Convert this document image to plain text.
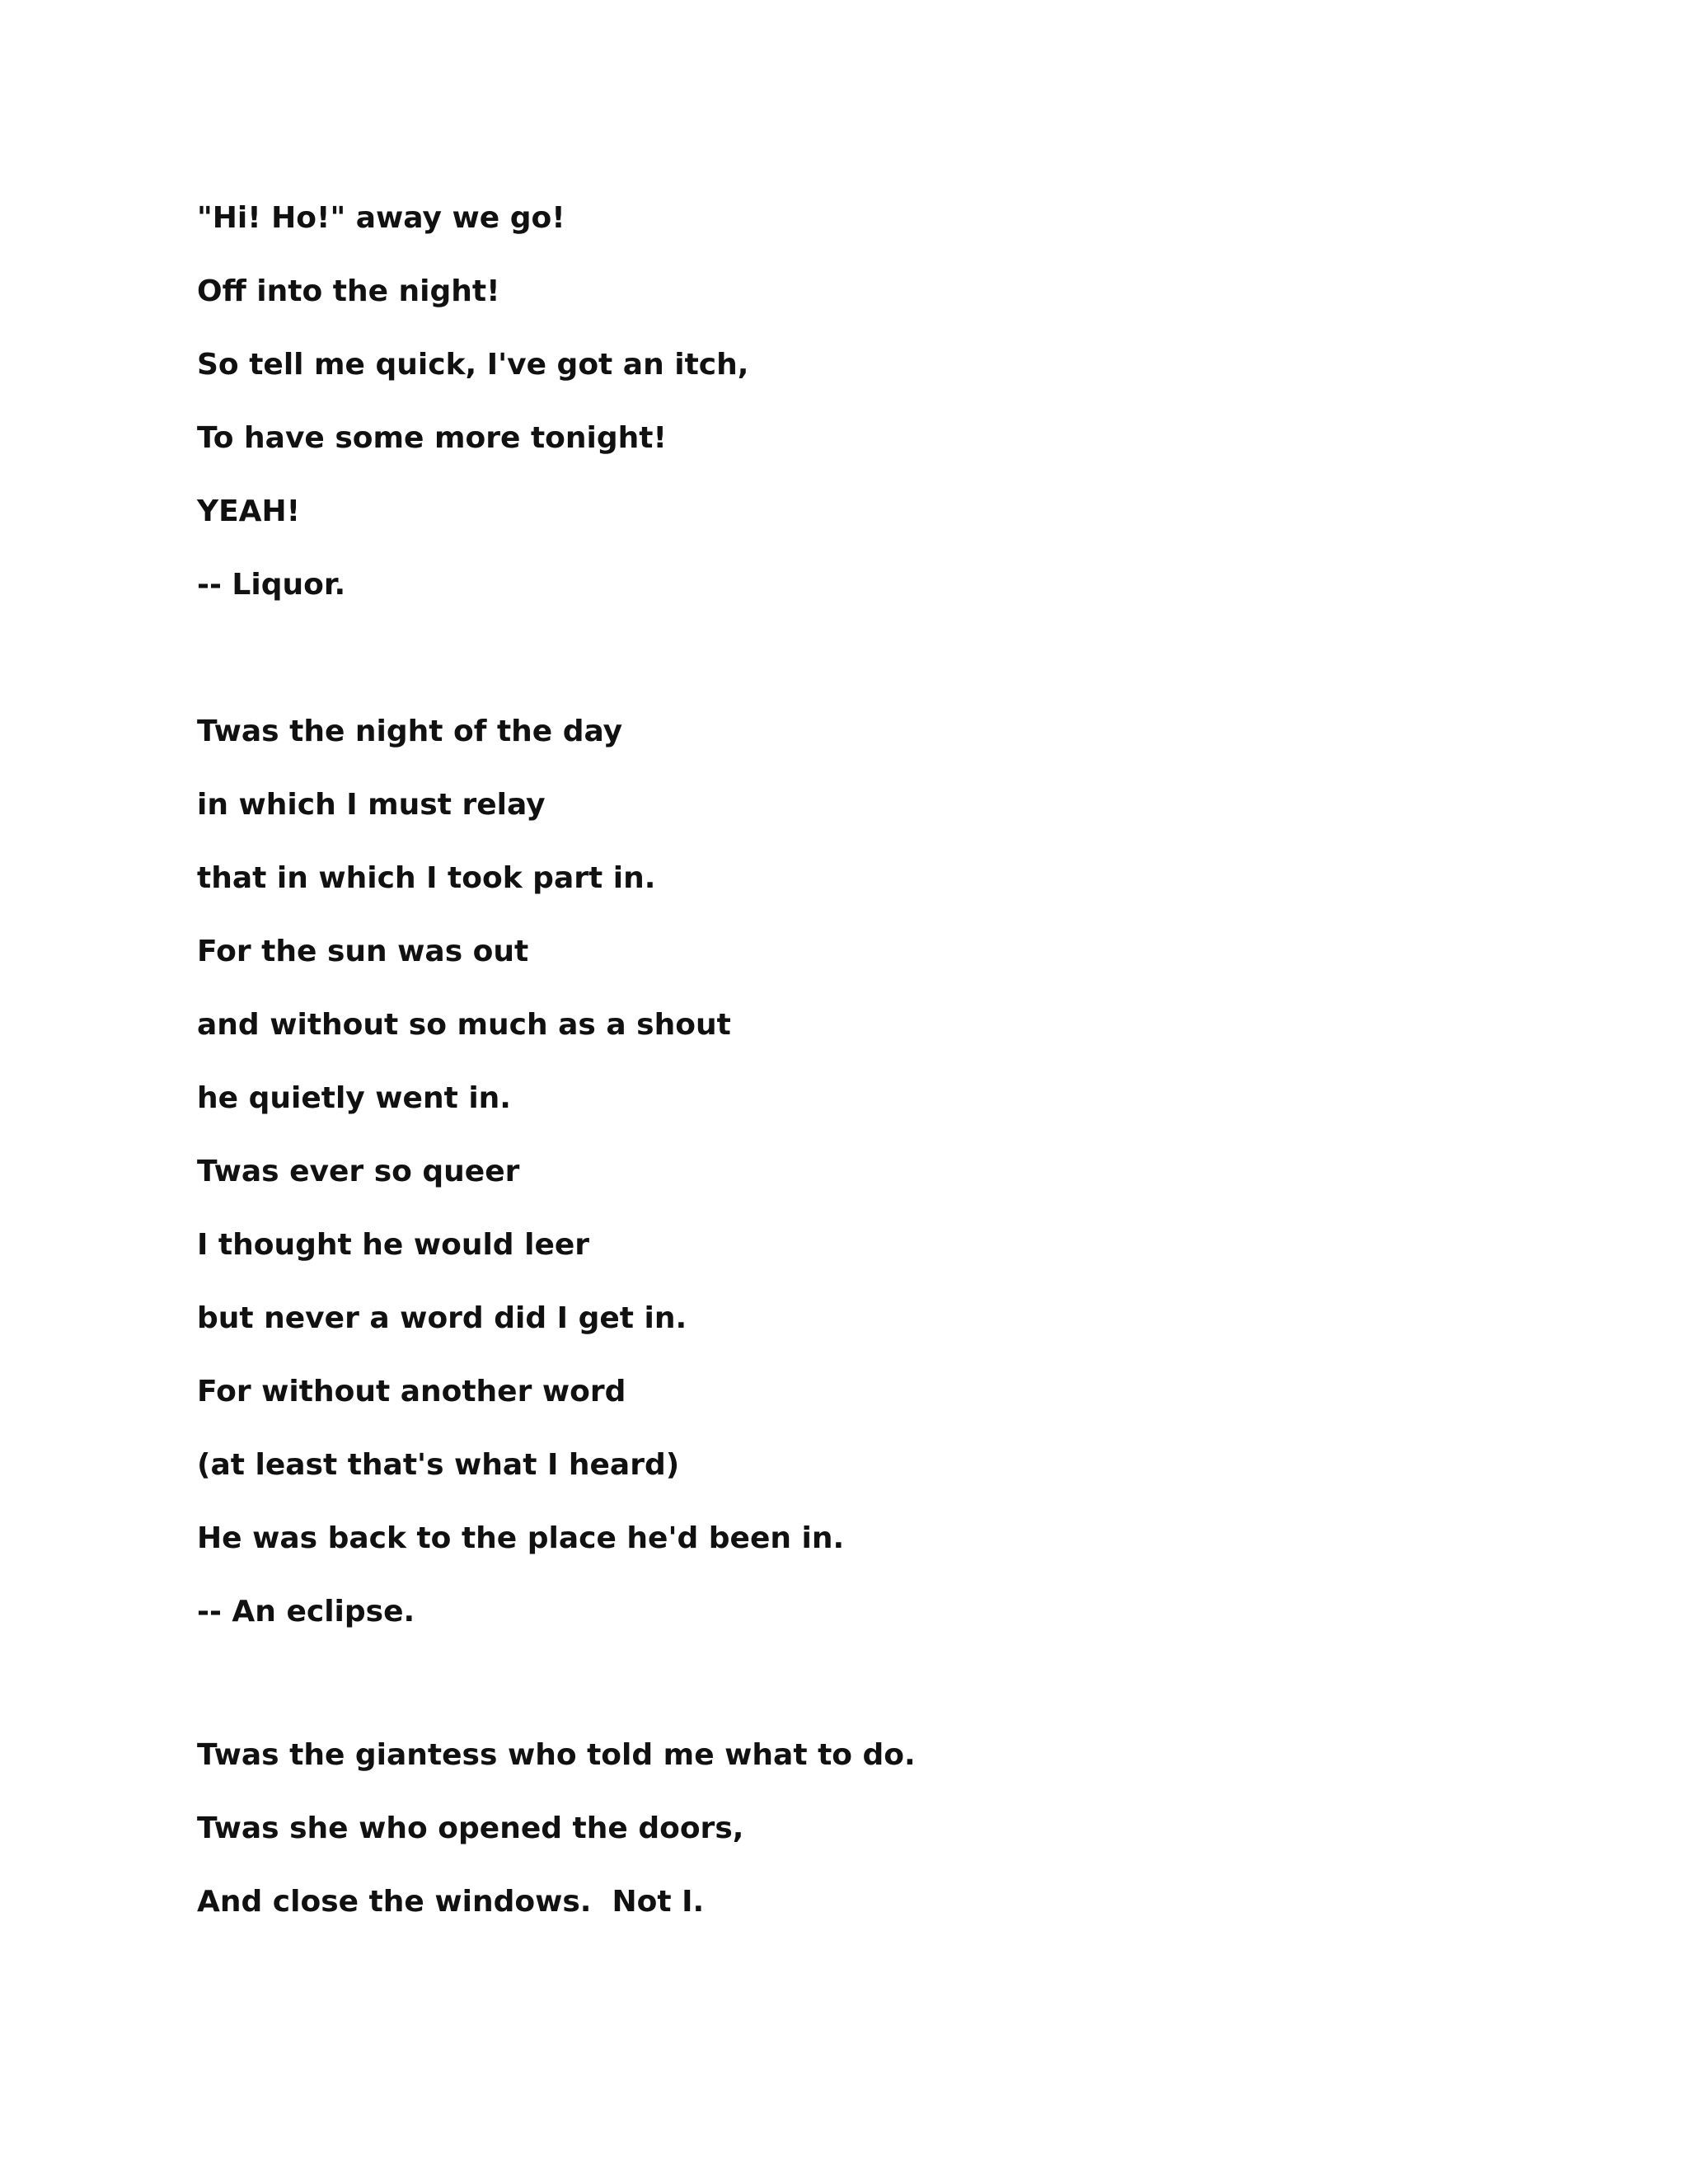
"Hi! Ho!" away we go!

Off into the night!

So tell me quick, I've got an itch,

To have some more tonight!

YEAH!

-- Liquor.

Twas the night of the day

in which I must relay

that in which I took part in.

For the sun was out

and without so much as a shout

he quietly went in.

Twas ever so queer

I thought he would leer

but never a word did I get in.

For without another word

(at least that's what I heard)

He was back to the place he'd been in.

-- An eclipse.

Twas the giantess who told me what to do.

Twas she who opened the doors,

And close the windows.  Not I.
